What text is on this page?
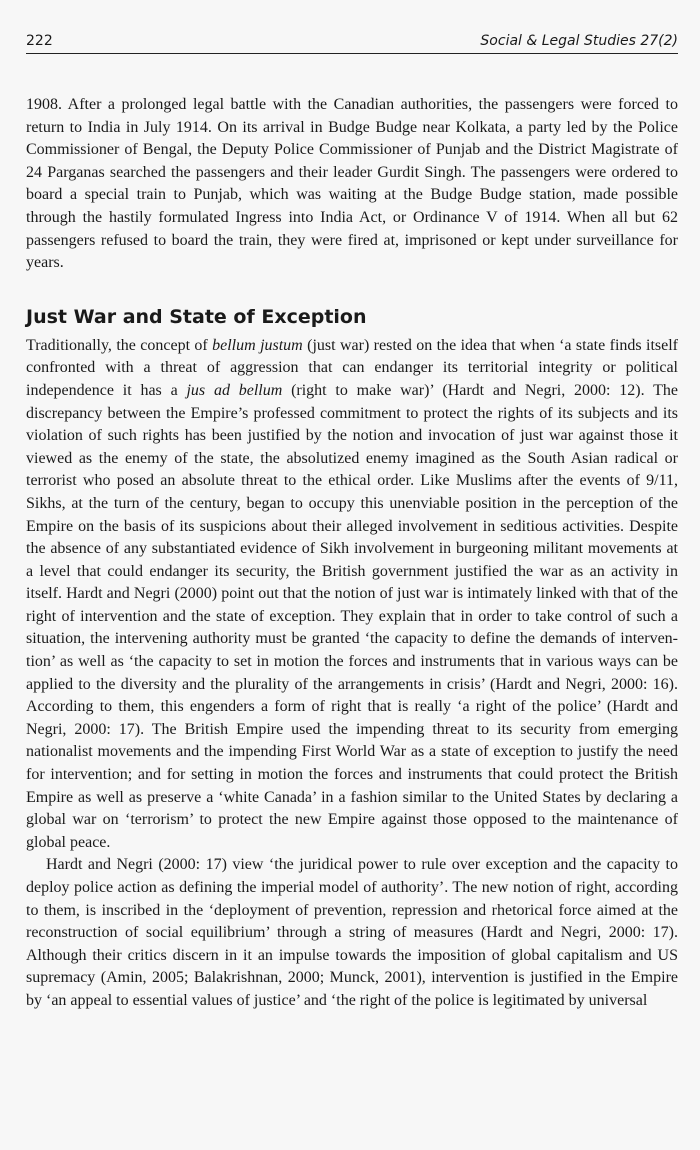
222	Social & Legal Studies 27(2)

1908. After a prolonged legal battle with the Canadian authorities, the passengers were forced to return to India in July 1914. On its arrival in Budge Budge near Kolkata, a party led by the Police Commissioner of Bengal, the Deputy Police Commissioner of Punjab and the District Magistrate of 24 Parganas searched the passengers and their leader Gurdit Singh. The passengers were ordered to board a special train to Punjab, which was waiting at the Budge Budge station, made possible through the hastily formulated Ingress into India Act, or Ordinance V of 1914. When all but 62 passengers refused to board the train, they were fired at, imprisoned or kept under surveillance for years.

Just War and State of Exception

Traditionally, the concept of bellum justum (just war) rested on the idea that when ‘a state finds itself confronted with a threat of aggression that can endanger its territorial integrity or political independence it has a jus ad bellum (right to make war)’ (Hardt and Negri, 2000: 12). The discrepancy between the Empire’s professed commitment to protect the rights of its subjects and its violation of such rights has been justified by the notion and invocation of just war against those it viewed as the enemy of the state, the absolutized enemy imagined as the South Asian radical or terrorist who posed an absolute threat to the ethical order. Like Muslims after the events of 9/11, Sikhs, at the turn of the century, began to occupy this unenviable position in the perception of the Empire on the basis of its suspicions about their alleged involvement in seditious activities. Despite the absence of any substantiated evidence of Sikh involvement in burgeoning militant movements at a level that could endanger its security, the British government justified the war as an activity in itself. Hardt and Negri (2000) point out that the notion of just war is intimately linked with that of the right of intervention and the state of exception. They explain that in order to take control of such a situation, the intervening authority must be granted ‘the capacity to define the demands of intervention’ as well as ‘the capacity to set in motion the forces and instruments that in various ways can be applied to the diversity and the plurality of the arrangements in crisis’ (Hardt and Negri, 2000: 16). According to them, this engenders a form of right that is really ‘a right of the police’ (Hardt and Negri, 2000: 17). The British Empire used the impending threat to its security from emerging nationalist movements and the impending First World War as a state of exception to justify the need for intervention; and for setting in motion the forces and instruments that could protect the British Empire as well as preserve a ‘white Canada’ in a fashion similar to the United States by declaring a global war on ‘terrorism’ to protect the new Empire against those opposed to the maintenance of global peace.

Hardt and Negri (2000: 17) view ‘the juridical power to rule over exception and the capacity to deploy police action as defining the imperial model of authority’. The new notion of right, according to them, is inscribed in the ‘deployment of prevention, repression and rhetorical force aimed at the reconstruction of social equilibrium’ through a string of measures (Hardt and Negri, 2000: 17). Although their critics discern in it an impulse towards the imposition of global capitalism and US supremacy (Amin, 2005; Balakrishnan, 2000; Munck, 2001), intervention is justified in the Empire by ‘an appeal to essential values of justice’ and ‘the right of the police is legitimated by universal
